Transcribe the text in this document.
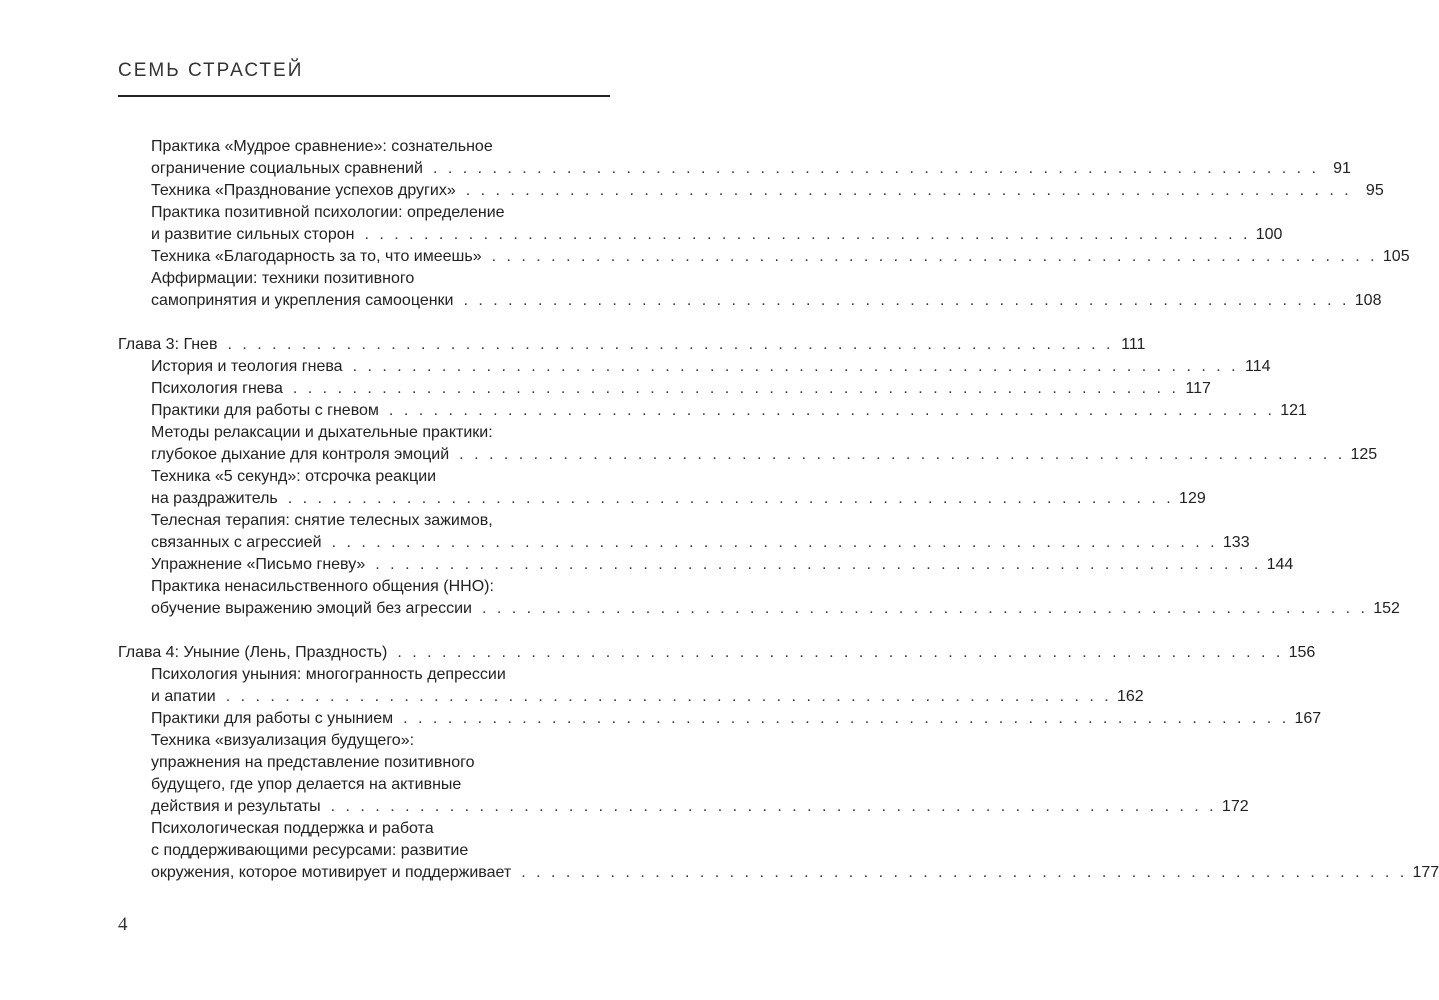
СЕМЬ СТРАСТЕЙ
Практика «Мудрое сравнение»: сознательное
ограничение социальных сравнений . . . . . . . . . . . . . . . . . . . . . . . . . . . . . . . . . . . . . . . . . . . . . . . . . . . . . . . . . . . . 91
Техника «Празднование успехов других» . . . . . . . . . . . . . . . . . . . . . . . . . . . . . . . . . . . . . . . . . . . . . . . . . . . . . . . . . . . . 95
Практика позитивной психологии: определение
и развитие сильных сторон . . . . . . . . . . . . . . . . . . . . . . . . . . . . . . . . . . . . . . . . . . . . . . . . . . . . . . . . . . . . 100
Техника «Благодарность за то, что имеешь» . . . . . . . . . . . . . . . . . . . . . . . . . . . . . . . . . . . . . . . . . . . . . . . . . . . . . . . . . . . . 105
Аффирмации: техники позитивного
самопринятия и укрепления самооценки . . . . . . . . . . . . . . . . . . . . . . . . . . . . . . . . . . . . . . . . . . . . . . . . . . . . . . . . . . . . 108
Глава 3: Гнев . . . . . . . . . . . . . . . . . . . . . . . . . . . . . . . . . . . . . . . . . . . . . . . . . . . . . . . . . . . . 111
История и теология гнева . . . . . . . . . . . . . . . . . . . . . . . . . . . . . . . . . . . . . . . . . . . . . . . . . . . . . . . . . . . . 114
Психология гнева . . . . . . . . . . . . . . . . . . . . . . . . . . . . . . . . . . . . . . . . . . . . . . . . . . . . . . . . . . . . 117
Практики для работы с гневом . . . . . . . . . . . . . . . . . . . . . . . . . . . . . . . . . . . . . . . . . . . . . . . . . . . . . . . . . . . . 121
Методы релаксации и дыхательные практики:
глубокое дыхание для контроля эмоций . . . . . . . . . . . . . . . . . . . . . . . . . . . . . . . . . . . . . . . . . . . . . . . . . . . . . . . . . . . . 125
Техника «5 секунд»: отсрочка реакции
на раздражитель . . . . . . . . . . . . . . . . . . . . . . . . . . . . . . . . . . . . . . . . . . . . . . . . . . . . . . . . . . . . 129
Телесная терапия: снятие телесных зажимов,
связанных с агрессией . . . . . . . . . . . . . . . . . . . . . . . . . . . . . . . . . . . . . . . . . . . . . . . . . . . . . . . . . . . . 133
Упражнение «Письмо гневу» . . . . . . . . . . . . . . . . . . . . . . . . . . . . . . . . . . . . . . . . . . . . . . . . . . . . . . . . . . . . 144
Практика ненасильственного общения (ННО):
обучение выражению эмоций без агрессии . . . . . . . . . . . . . . . . . . . . . . . . . . . . . . . . . . . . . . . . . . . . . . . . . . . . . . . . . . . . 152
Глава 4: Уныние (Лень, Праздность) . . . . . . . . . . . . . . . . . . . . . . . . . . . . . . . . . . . . . . . . . . . . . . . . . . . . . . . . . . . . 156
Психология уныния: многогранность депрессии
и апатии . . . . . . . . . . . . . . . . . . . . . . . . . . . . . . . . . . . . . . . . . . . . . . . . . . . . . . . . . . . . 162
Практики для работы с унынием . . . . . . . . . . . . . . . . . . . . . . . . . . . . . . . . . . . . . . . . . . . . . . . . . . . . . . . . . . . . 167
Техника «визуализация будущего»:
упражнения на представление позитивного
будущего, где упор делается на активные
действия и результаты . . . . . . . . . . . . . . . . . . . . . . . . . . . . . . . . . . . . . . . . . . . . . . . . . . . . . . . . . . . . 172
Психологическая поддержка и работа
с поддерживающими ресурсами: развитие
окружения, которое мотивирует и поддерживает . . . . . . . . . . . . . . . . . . . . . . . . . . . . . . . . . . . . . . . . . . . . . . . . . . . . . . . . . . . . 177
4
